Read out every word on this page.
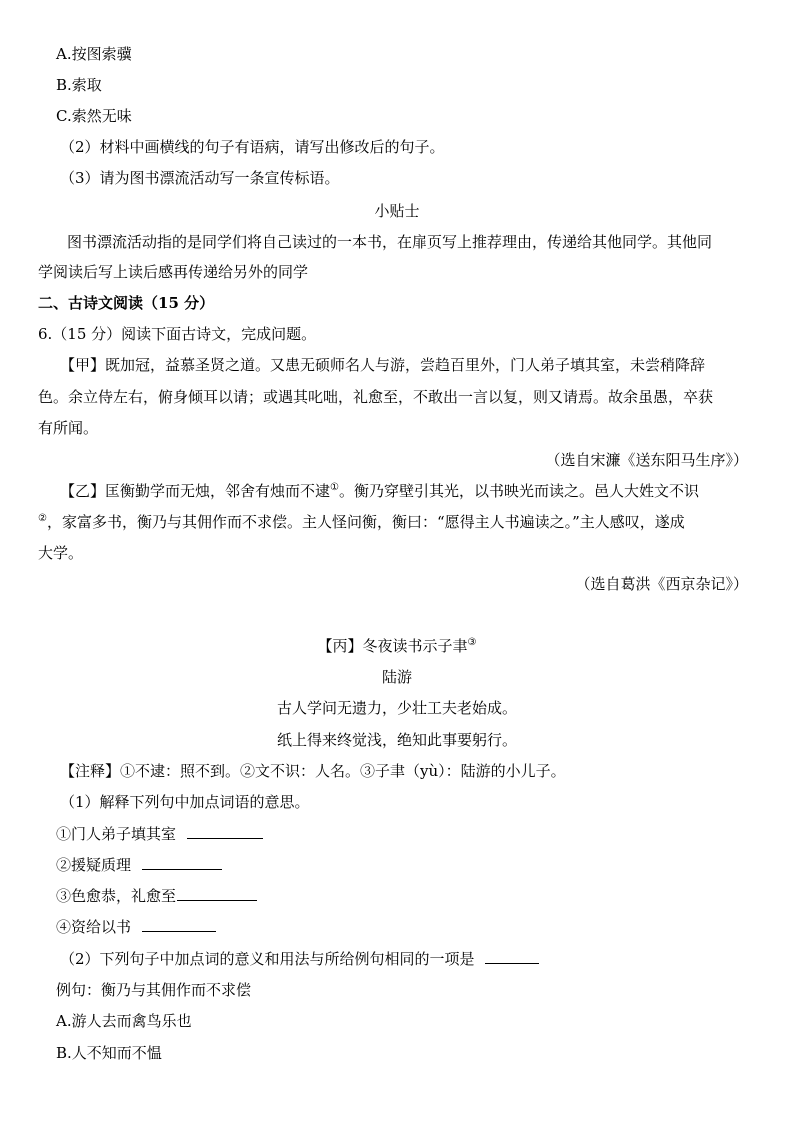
A.按图索骥
B.索取
C.索然无味
（2）材料中画横线的句子有语病，请写出修改后的句子。
（3）请为图书漂流活动写一条宣传标语。
小贴士
图书漂流活动指的是同学们将自己读过的一本书，在扉页写上推荐理由，传递给其他同学。其他同
学阅读后写上读后感再传递给另外的同学
二、古诗文阅读（15 分）
6.（15 分）阅读下面古诗文，完成问题。
【甲】既加冠，益慕圣贤之道。又患无硕师名人与游，尝趋百里外，门人弟子填其室，未尝稍降辞
色。余立侍左右，俯身倾耳以请；或遇其叱咄，礼愈至，不敢出一言以复，则又请焉。故余虽愚，卒获
有所闻。
（选自宋濂《送东阳马生序》）
【乙】匡衡勤学而无烛，邻舍有烛而不逮①。衡乃穿壁引其光，以书映光而读之。邑人大姓文不识
②，家富多书，衡乃与其佣作而不求偿。主人怪问衡，衡曰：“愿得主人书遍读之。”主人感叹，遂成
大学。
（选自葛洪《西京杂记》）
【丙】冬夜读书示子聿③
陆游
古人学问无遗力，少壮工夫老始成。
纸上得来终觉浅，绝知此事要躬行。
【注释】①不逮：照不到。②文不识：人名。③子聿（yù）：陆游的小儿子。
（1）解释下列句中加点词语的意思。
①门人弟子填其室
②援疑质理
③色愈恭，礼愈至
④资给以书
（2）下列句子中加点词的意义和用法与所给例句相同的一项是
例句：衡乃与其佣作而不求偿
A.游人去而禽鸟乐也
B.人不知而不愠
